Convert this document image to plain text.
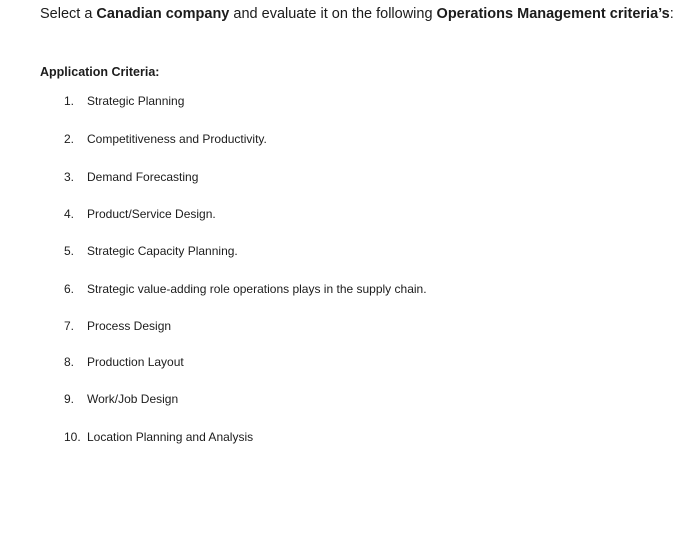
Select a Canadian company and evaluate it on the following Operations Management criteria’s:
Application Criteria:
1. Strategic Planning
2. Competitiveness and Productivity.
3. Demand Forecasting
4. Product/Service Design.
5. Strategic Capacity Planning.
6. Strategic value-adding role operations plays in the supply chain.
7. Process Design
8. Production Layout
9. Work/Job Design
10. Location Planning and Analysis
